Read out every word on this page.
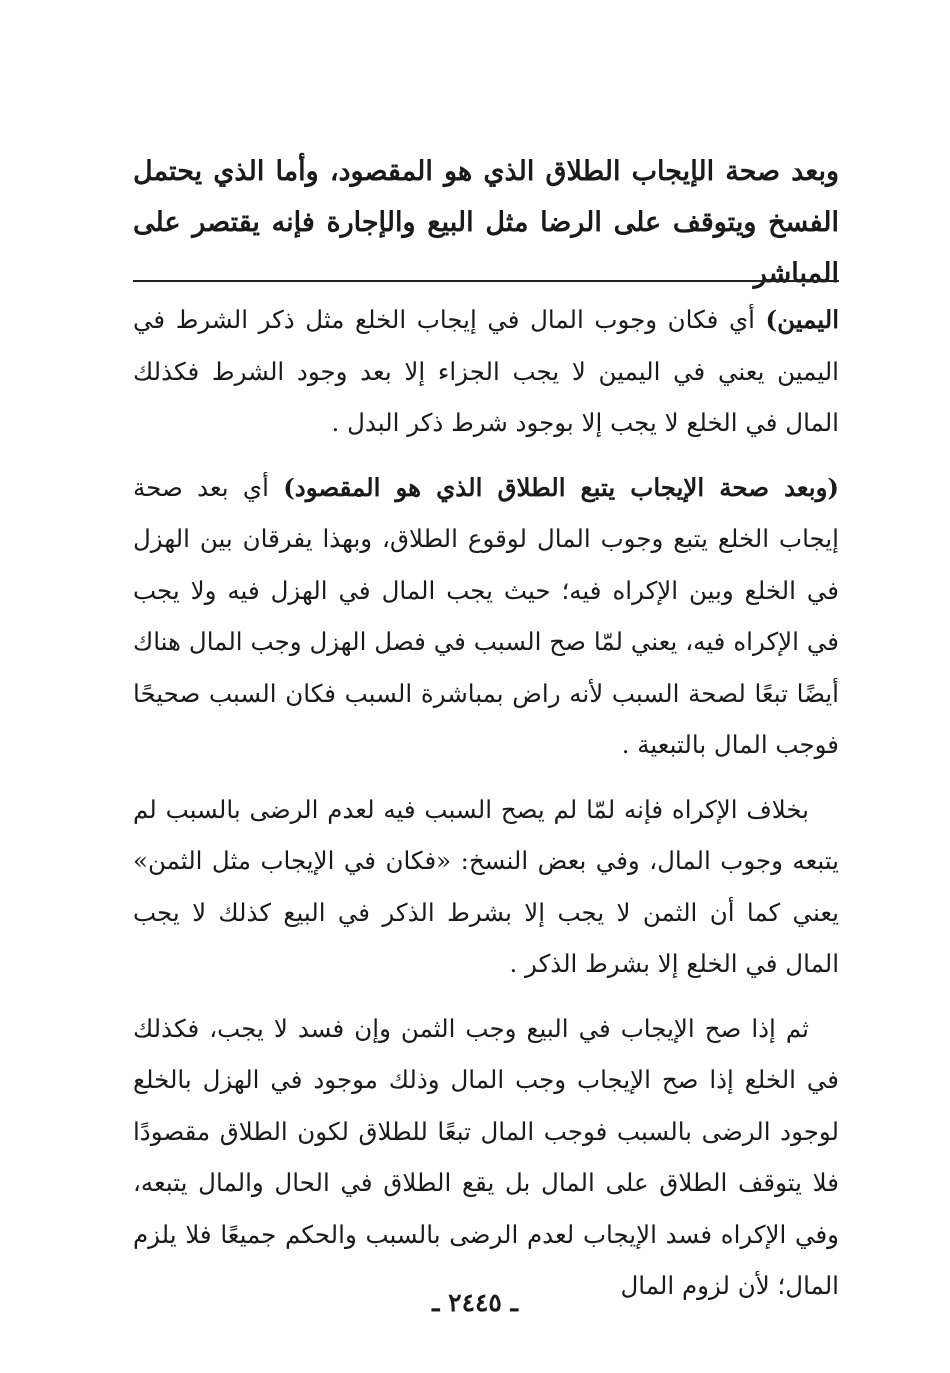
وبعد صحة الإيجاب الطلاق الذي هو المقصود، وأما الذي يحتمل الفسخ ويتوقف على الرضا مثل البيع والإجارة فإنه يقتصر على المباشر

اليمين) أي فكان وجوب المال في إيجاب الخلع مثل ذكر الشرط في اليمين يعني في اليمين لا يجب الجزاء إلا بعد وجود الشرط فكذلك المال في الخلع لا يجب إلا بوجود شرط ذكر البدل .

(وبعد صحة الإيجاب يتبع الطلاق الذي هو المقصود) أي بعد صحة إيجاب الخلع يتبع وجوب المال لوقوع الطلاق، وبهذا يفرقان بين الهزل في الخلع وبين الإكراه فيه؛ حيث يجب المال في الهزل فيه ولا يجب في الإكراه فيه، يعني لمّا صح السبب في فصل الهزل وجب المال هناك أيضًا تبعًا لصحة السبب لأنه راض بمباشرة السبب فكان السبب صحيحًا فوجب المال بالتبعية .

بخلاف الإكراه فإنه لمّا لم يصح السبب فيه لعدم الرضى بالسبب لم يتبعه وجوب المال، وفي بعض النسخ: «فكان في الإيجاب مثل الثمن» يعني كما أن الثمن لا يجب إلا بشرط الذكر في البيع كذلك لا يجب المال في الخلع إلا بشرط الذكر .

ثم إذا صح الإيجاب في البيع وجب الثمن وإن فسد لا يجب، فكذلك في الخلع إذا صح الإيجاب وجب المال وذلك موجود في الهزل بالخلع لوجود الرضى بالسبب فوجب المال تبعًا للطلاق لكون الطلاق مقصودًا فلا يتوقف الطلاق على المال بل يقع الطلاق في الحال والمال يتبعه، وفي الإكراه فسد الإيجاب لعدم الرضى بالسبب والحكم جميعًا فلا يلزم المال؛ لأن لزوم المال

ـ ٢٤٤٥ ـ
